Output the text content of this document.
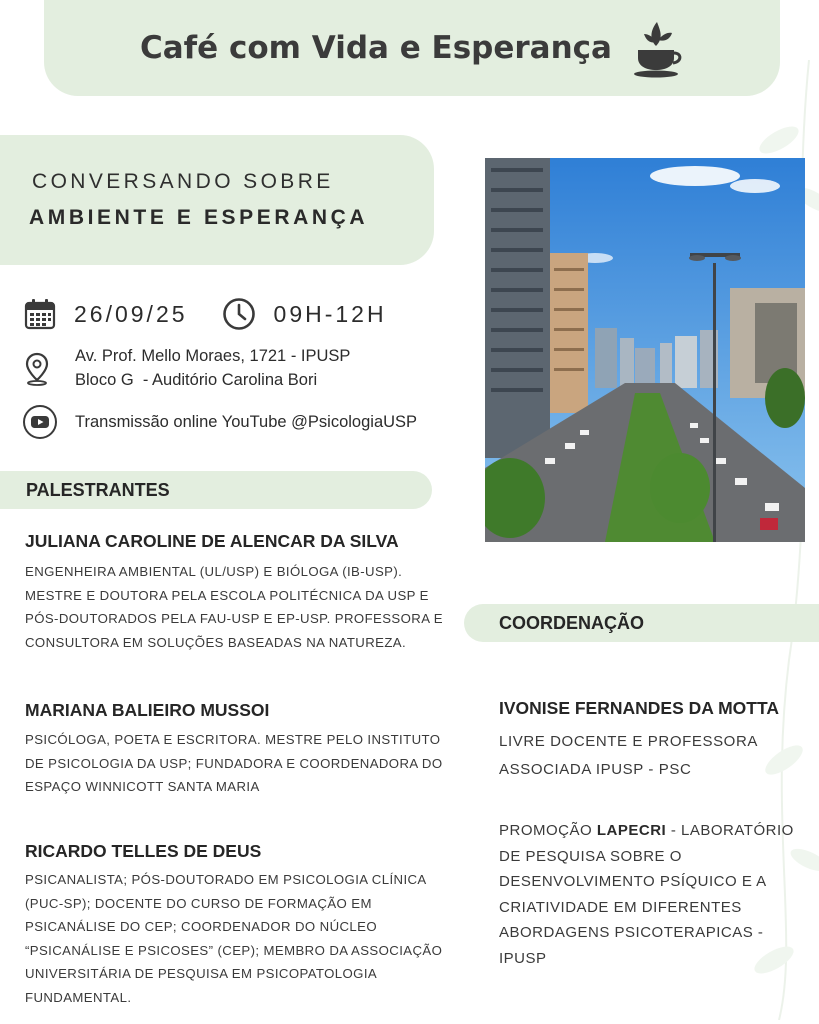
Café com Vida e Esperança
CONVERSANDO SOBRE
AMBIENTE E ESPERANÇA
26/09/25	09H-12H
Av. Prof. Mello Moraes, 1721 - IPUSP
Bloco G  - Auditório Carolina Bori
Transmissão online YouTube @PsicologiaUSP
PALESTRANTES
JULIANA CAROLINE DE ALENCAR DA SILVA
ENGENHEIRA AMBIENTAL (UL/USP) E BIÓLOGA (IB-USP). MESTRE E DOUTORA PELA ESCOLA POLITÉCNICA DA USP E PÓS-DOUTORADOS PELA FAU-USP E EP-USP. PROFESSORA E CONSULTORA EM SOLUÇÕES BASEADAS NA NATUREZA.
MARIANA BALIEIRO MUSSOI
PSICÓLOGA, POETA E ESCRITORA. MESTRE PELO INSTITUTO DE PSICOLOGIA DA USP; FUNDADORA E COORDENADORA DO ESPAÇO WINNICOTT SANTA MARIA
RICARDO TELLES DE DEUS
PSICANALISTA; PÓS-DOUTORADO EM PSICOLOGIA CLÍNICA (PUC-SP); DOCENTE DO CURSO DE FORMAÇÃO EM PSICANÁLISE DO CEP; COORDENADOR DO NÚCLEO “PSICANÁLISE E PSICOSES” (CEP); MEMBRO DA ASSOCIAÇÃO UNIVERSITÁRIA DE PESQUISA EM PSICOPATOLOGIA FUNDAMENTAL.
COORDENAÇÃO
IVONISE FERNANDES DA MOTTA
LIVRE DOCENTE E PROFESSORA ASSOCIADA IPUSP - PSC
PROMOÇÃO LAPECRI - LABORATÓRIO DE PESQUISA SOBRE O DESENVOLVIMENTO PSÍQUICO E A CRIATIVIDADE EM DIFERENTES ABORDAGENS PSICOTERAPICAS - IPUSP
